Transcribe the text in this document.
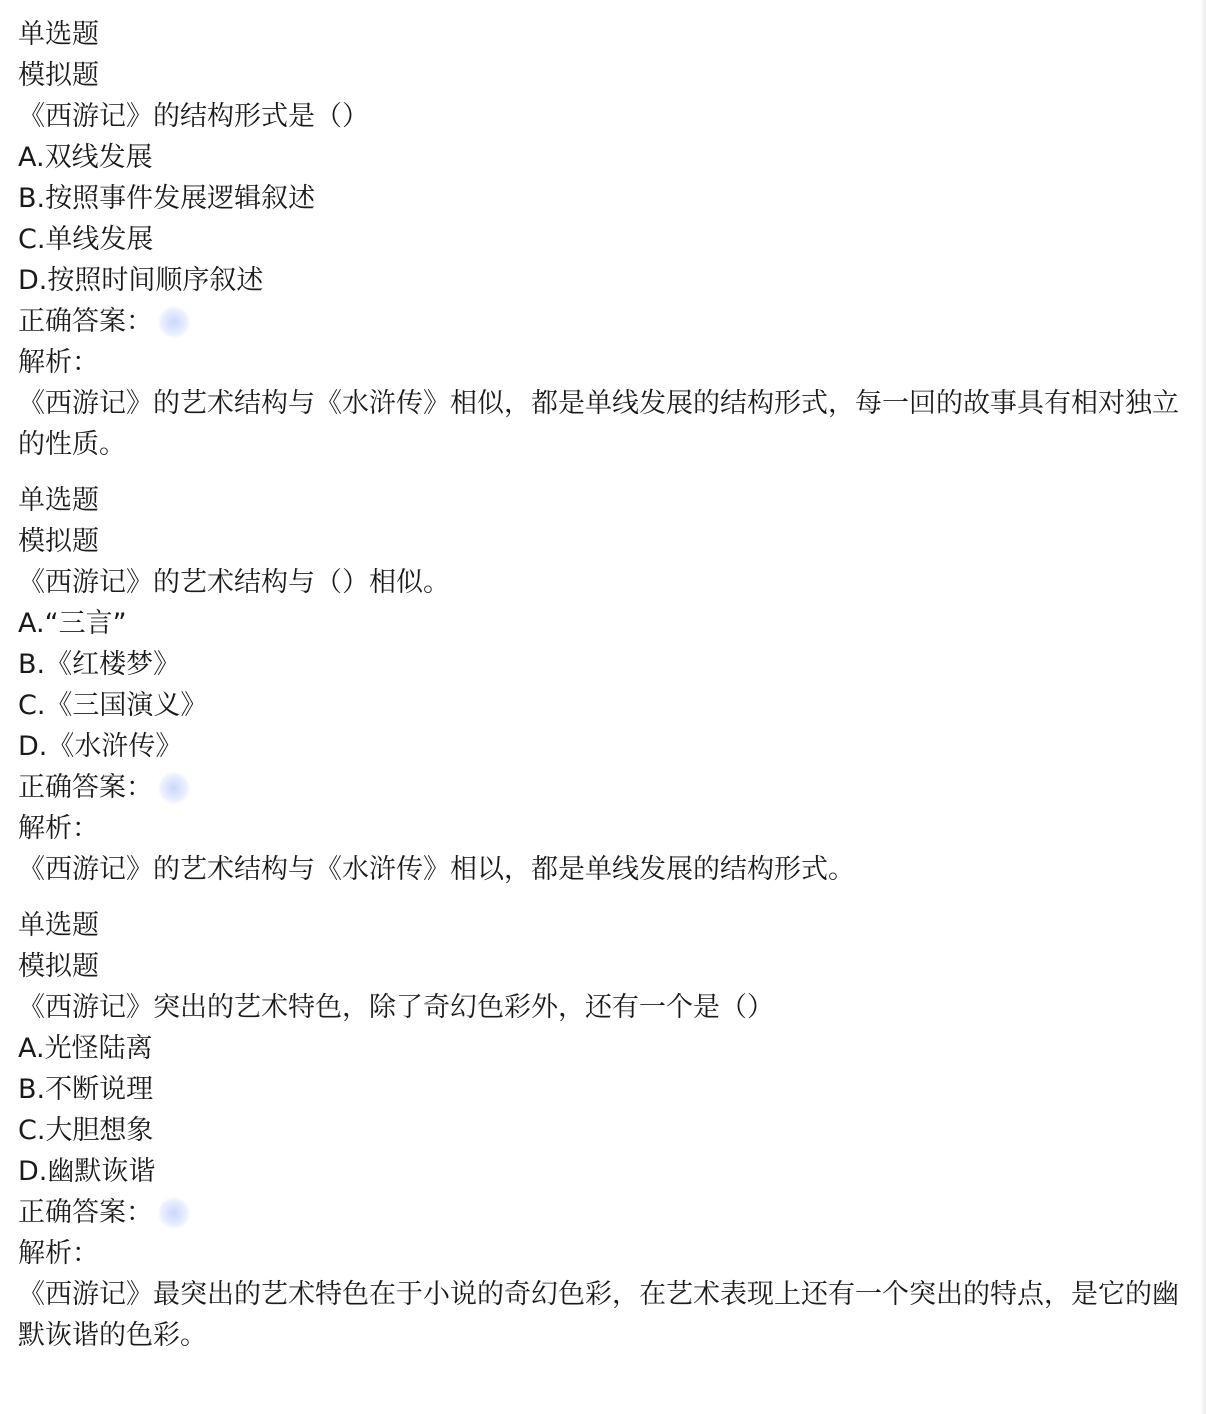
单选题
模拟题
《西游记》的结构形式是（）
A.双线发展
B.按照事件发展逻辑叙述
C.单线发展
D.按照时间顺序叙述
正确答案：
解析：
《西游记》的艺术结构与《水浒传》相似，都是单线发展的结构形式，每一回的故事具有相对独立的性质。
单选题
模拟题
《西游记》的艺术结构与（）相似。
A.“三言”
B.《红楼梦》
C.《三国演义》
D.《水浒传》
正确答案：
解析：
《西游记》的艺术结构与《水浒传》相以，都是单线发展的结构形式。
单选题
模拟题
《西游记》突出的艺术特色，除了奇幻色彩外，还有一个是（）
A.光怪陆离
B.不断说理
C.大胆想象
D.幽默诙谐
正确答案：
解析：
《西游记》最突出的艺术特色在于小说的奇幻色彩，在艺术表现上还有一个突出的特点，是它的幽默诙谐的色彩。
